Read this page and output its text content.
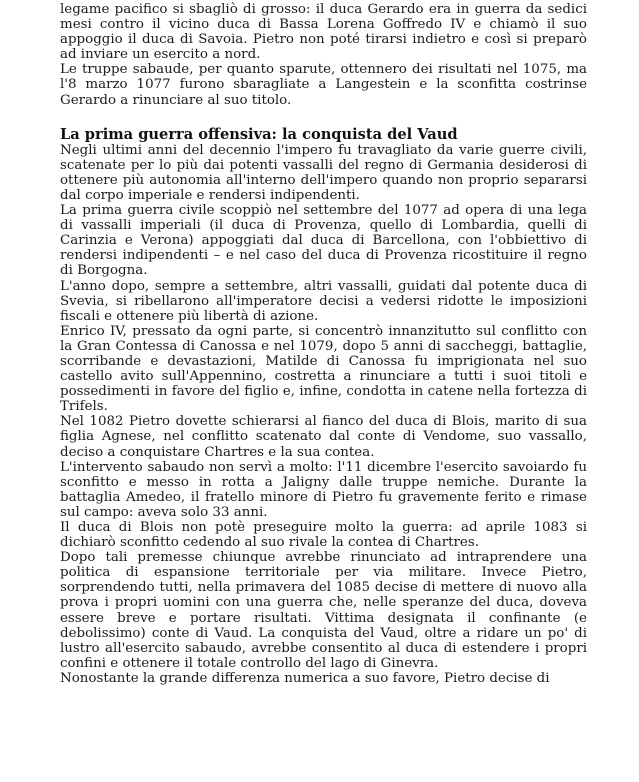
legame pacifico si sbagliò di grosso: il duca Gerardo era in guerra da sedici mesi contro il vicino duca di Bassa Lorena Goffredo IV e chiamò il suo appoggio il duca di Savoia. Pietro non poté tirarsi indietro e così si preparò ad inviare un esercito a nord.

Le truppe sabaude, per quanto sparute, ottennero dei risultati nel 1075, ma l'8 marzo 1077 furono sbaragliate a Langestein e la sconfitta costrinse Gerardo a rinunciare al suo titolo.

La prima guerra offensiva: la conquista del Vaud

Negli ultimi anni del decennio l'impero fu travagliato da varie guerre civili, scatenate per lo più dai potenti vassalli del regno di Germania desiderosi di ottenere più autonomia all'interno dell'impero quando non proprio separarsi dal corpo imperiale e rendersi indipendenti.

La prima guerra civile scoppiò nel settembre del 1077 ad opera di una lega di vassalli imperiali (il duca di Provenza, quello di Lombardia, quelli di Carinzia e Verona) appoggiati dal duca di Barcellona, con l'obbiettivo di rendersi indipendenti – e nel caso del duca di Provenza ricostituire il regno di Borgogna.

L'anno dopo, sempre a settembre, altri vassalli, guidati dal potente duca di Svevia, si ribellarono all'imperatore decisi a vedersi ridotte le imposizioni fiscali e ottenere più libertà di azione.

Enrico IV, pressato da ogni parte, si concentrò innanzitutto sul conflitto con la Gran Contessa di Canossa e nel 1079, dopo 5 anni di saccheggi, battaglie, scorribande e devastazioni, Matilde di Canossa fu imprigionata nel suo castello avito sull'Appennino, costretta a rinunciare a tutti i suoi titoli e possedimenti in favore del figlio e, infine, condotta in catene nella fortezza di Trifels.

Nel 1082 Pietro dovette schierarsi al fianco del duca di Blois, marito di sua figlia Agnese, nel conflitto scatenato dal conte di Vendome, suo vassallo, deciso a conquistare Chartres e la sua contea.

L'intervento sabaudo non servì a molto: l'11 dicembre l'esercito savoiardo fu sconfitto e messo in rotta a Jaligny dalle truppe nemiche. Durante la battaglia Amedeo, il fratello minore di Pietro fu gravemente ferito e rimase sul campo: aveva solo 33 anni.

Il duca di Blois non potè preseguire molto la guerra: ad aprile 1083 si dichiarò sconfitto cedendo al suo rivale la contea di Chartres.

Dopo tali premesse chiunque avrebbe rinunciato ad intraprendere una politica di espansione territoriale per via militare. Invece Pietro, sorprendendo tutti, nella primavera del 1085 decise di mettere di nuovo alla prova i propri uomini con una guerra che, nelle speranze del duca, doveva essere breve e portare risultati. Vittima designata il confinante (e debolissimo) conte di Vaud. La conquista del Vaud, oltre a ridare un po' di lustro all'esercito sabaudo, avrebbe consentito al duca di estendere i propri confini e ottenere il totale controllo del lago di Ginevra.

Nonostante la grande differenza numerica a suo favore, Pietro decise di
